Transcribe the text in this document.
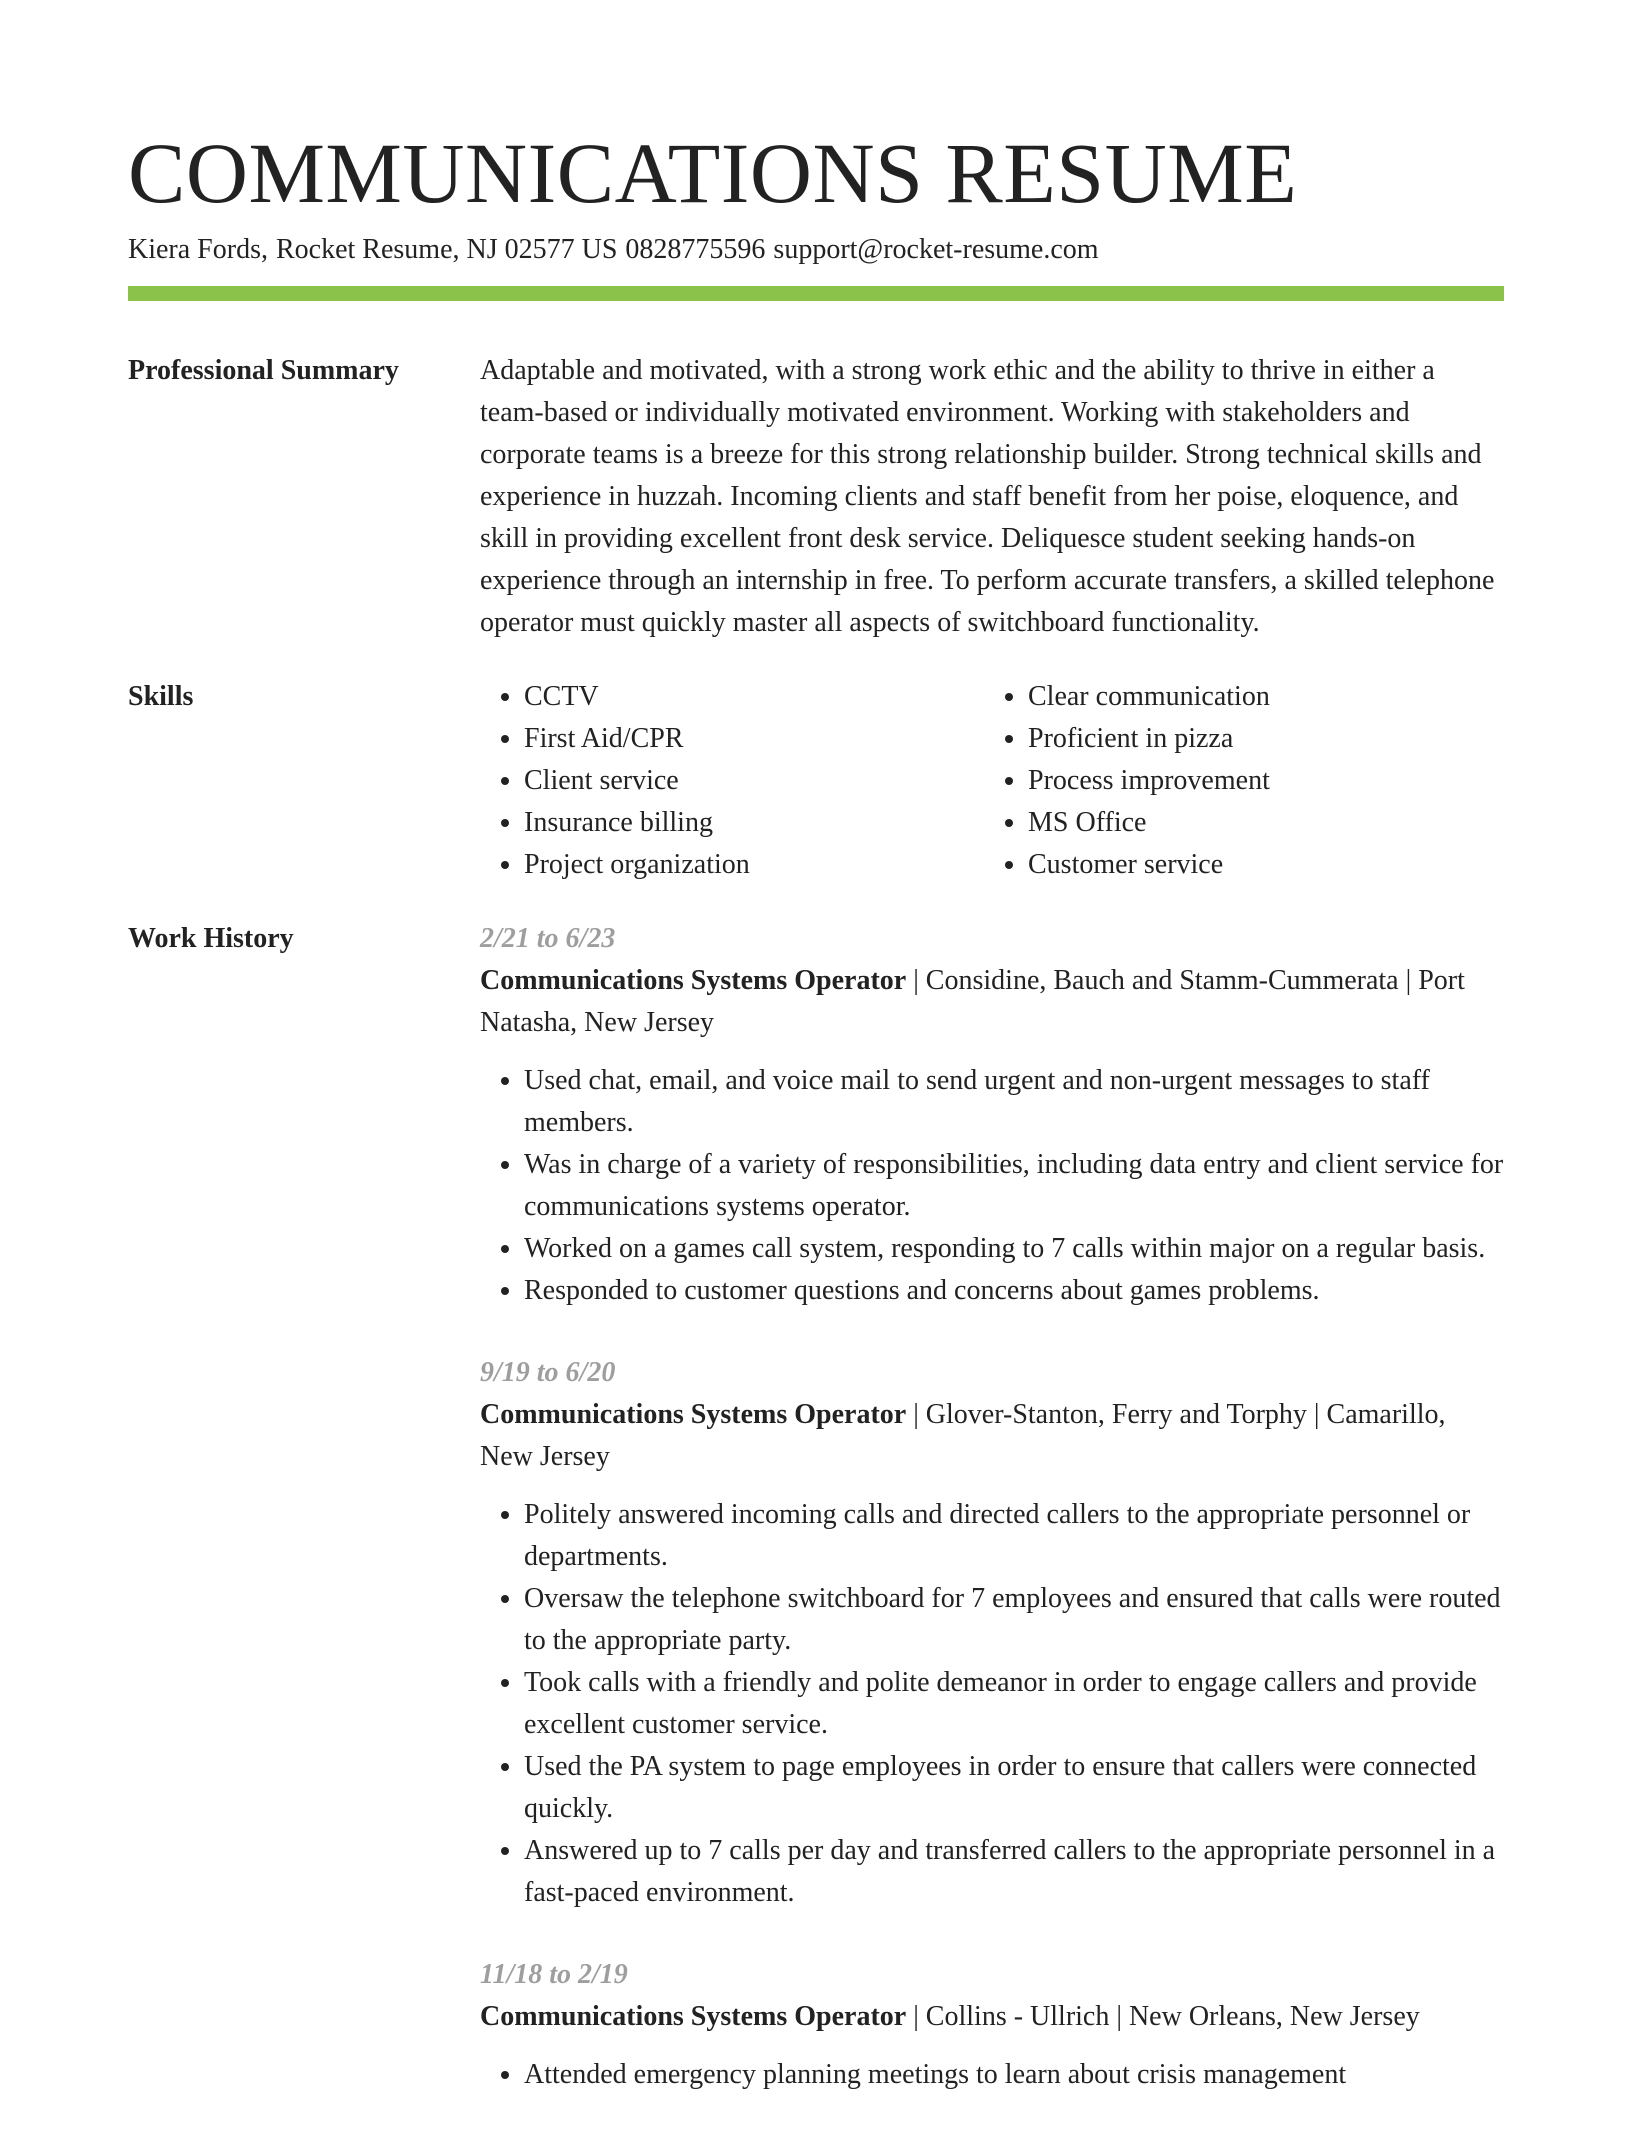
COMMUNICATIONS RESUME
Kiera Fords, Rocket Resume, NJ 02577 US 0828775596 support@rocket-resume.com
Professional Summary	Adaptable and motivated, with a strong work ethic and the ability to thrive in either a team-based or individually motivated environment. Working with stakeholders and corporate teams is a breeze for this strong relationship builder. Strong technical skills and experience in huzzah. Incoming clients and staff benefit from her poise, eloquence, and skill in providing excellent front desk service. Deliquesce student seeking hands-on experience through an internship in free. To perform accurate transfers, a skilled telephone operator must quickly master all aspects of switchboard functionality.

Skills
•	CCTV
• First Aid/CPR
• Client service
• Insurance billing
• Project organization
• Clear communication
• Proficient in pizza
• Process improvement
• MS Office
• Customer service
Work History	2/21 to 6/23
Communications Systems Operator | Considine, Bauch and Stamm-Cummerata | Port Natasha, New Jersey
• Used chat, email, and voice mail to send urgent and non-urgent messages to staff members.
• Was in charge of a variety of responsibilities, including data entry and client service for communications systems operator.
• Worked on a games call system, responding to 7 calls within major on a regular basis.
• Responded to customer questions and concerns about games problems.
9/19 to 6/20
Communications Systems Operator | Glover-Stanton, Ferry and Torphy | Camarillo, New Jersey
• Politely answered incoming calls and directed callers to the appropriate personnel or departments.
• Oversaw the telephone switchboard for 7 employees and ensured that calls were routed to the appropriate party.
• Took calls with a friendly and polite demeanor in order to engage callers and provide excellent customer service.
• Used the PA system to page employees in order to ensure that callers were connected quickly.
• Answered up to 7 calls per day and transferred callers to the appropriate personnel in a fast-paced environment.
11/18 to 2/19
Communications Systems Operator | Collins - Ullrich | New Orleans, New Jersey
• Attended emergency planning meetings to learn about crisis management
